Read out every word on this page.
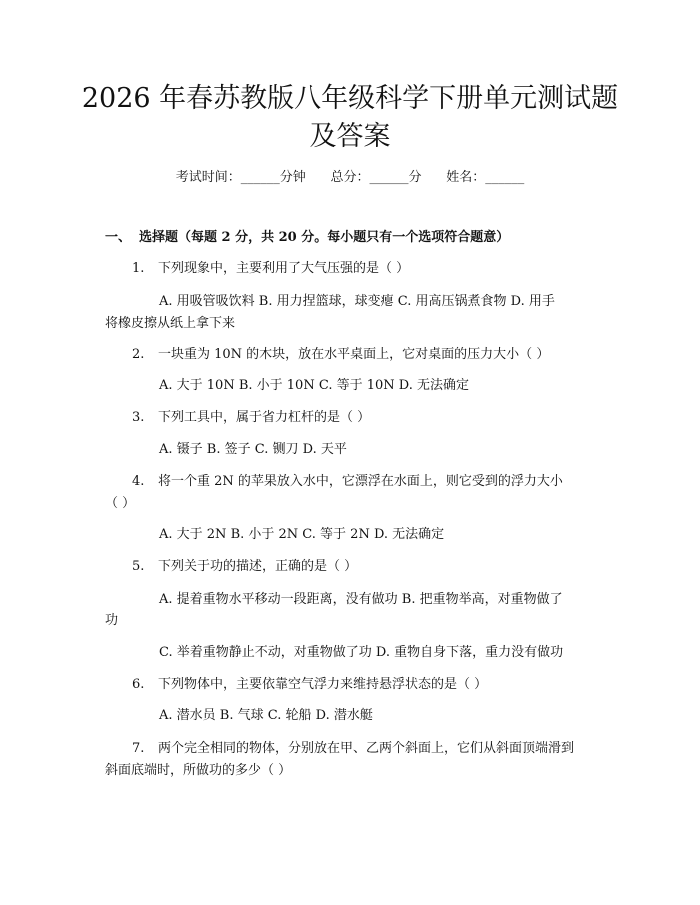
2026 年春苏教版八年级科学下册单元测试题
及答案
考试时间：______分钟      总分：______分      姓名：______
一、 选择题（每题 2 分，共 20 分。每小题只有一个选项符合题意）
1. 下列现象中，主要利用了大气压强的是（ ）
A. 用吸管吸饮料 B. 用力捏篮球，球变瘪 C. 用高压锅煮食物 D. 用手
将橡皮擦从纸上拿下来
2. 一块重为 10N 的木块，放在水平桌面上，它对桌面的压力大小（ ）
A. 大于 10N B. 小于 10N C. 等于 10N D. 无法确定
3. 下列工具中，属于省力杠杆的是（ ）
A. 镊子 B. 签子 C. 铡刀 D. 天平
4. 将一个重 2N 的苹果放入水中，它漂浮在水面上，则它受到的浮力大小
（ ）
A. 大于 2N B. 小于 2N C. 等于 2N D. 无法确定
5. 下列关于功的描述，正确的是（ ）
A. 提着重物水平移动一段距离，没有做功 B. 把重物举高，对重物做了
功
C. 举着重物静止不动，对重物做了功 D. 重物自身下落，重力没有做功
6. 下列物体中，主要依靠空气浮力来维持悬浮状态的是（ ）
A. 潜水员 B. 气球 C. 轮船 D. 潜水艇
7. 两个完全相同的物体，分别放在甲、乙两个斜面上，它们从斜面顶端滑到
斜面底端时，所做功的多少（ ）
